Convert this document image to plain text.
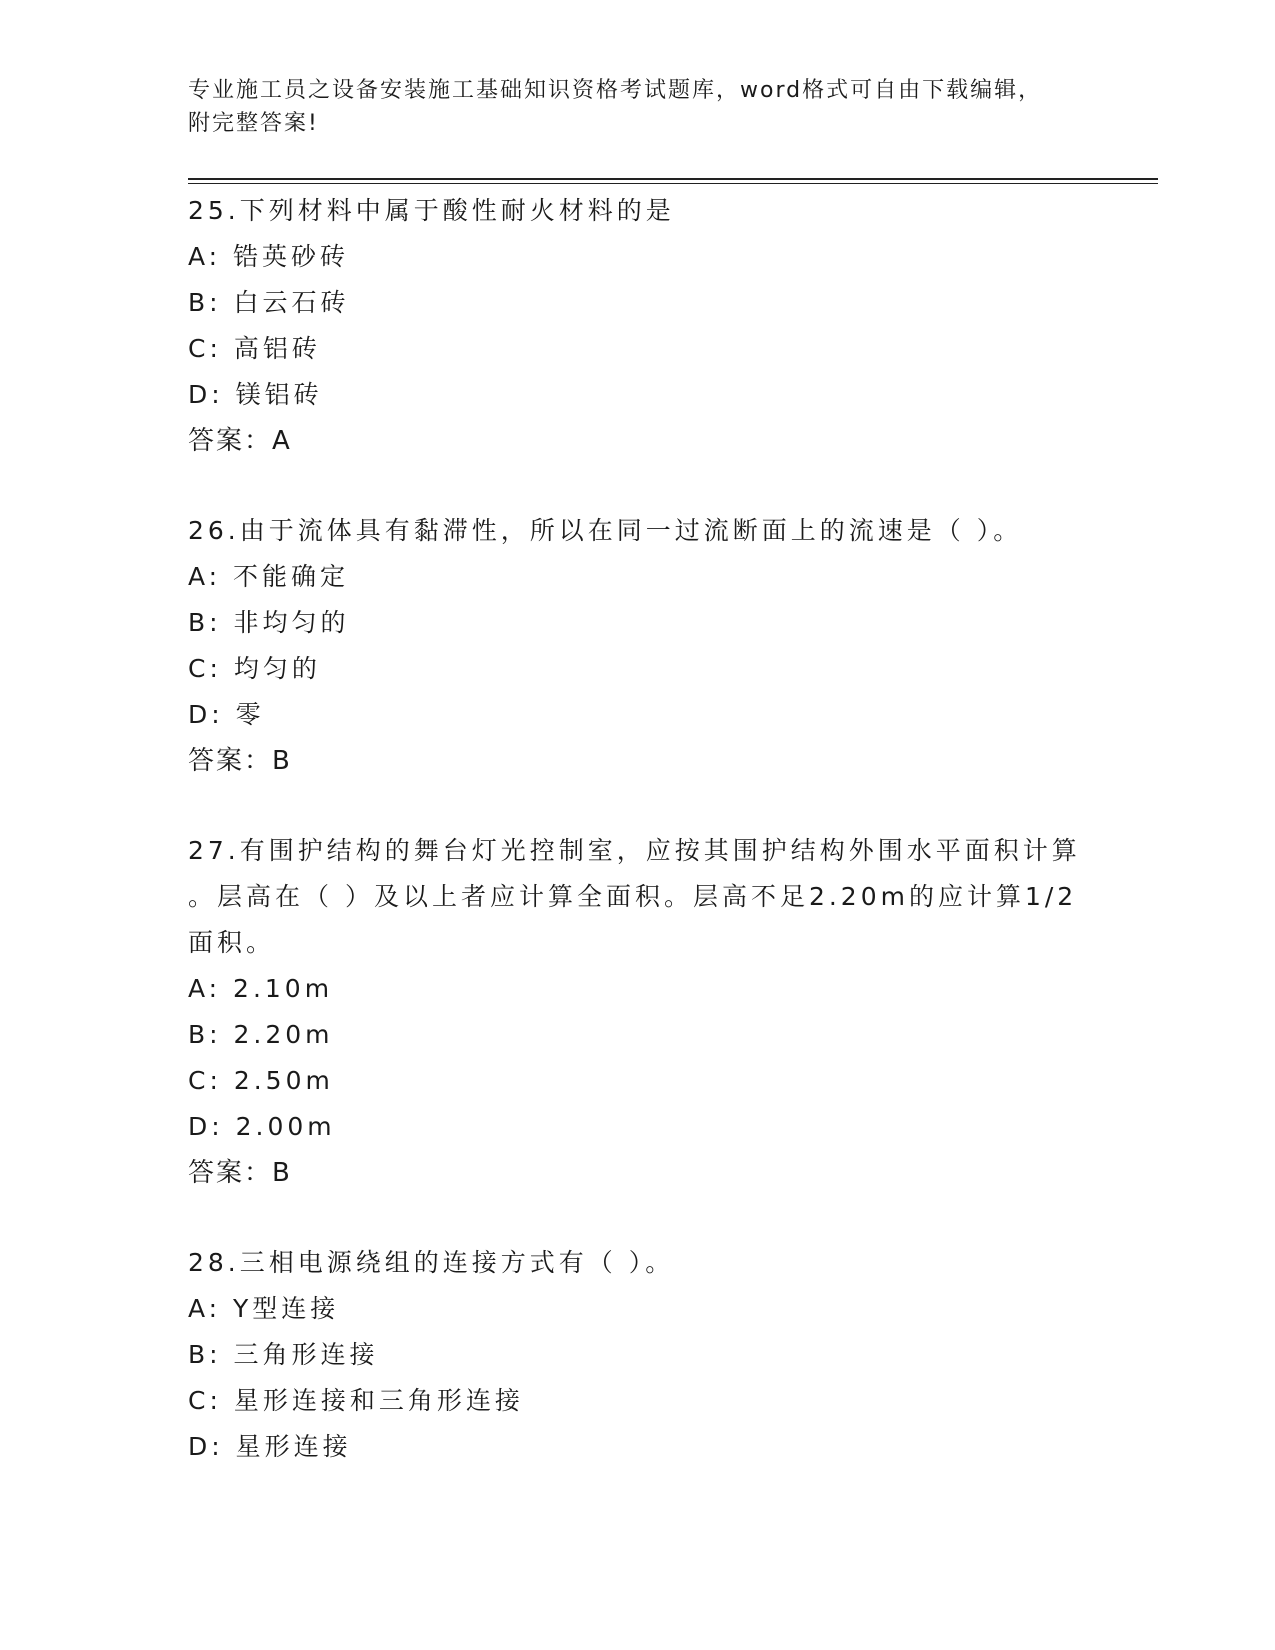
专业施工员之设备安装施工基础知识资格考试题库，word格式可自由下载编辑，
附完整答案!

25.下列材料中属于酸性耐火材料的是

A: 锆英砂砖

B: 白云石砖

C: 高铝砖

D: 镁铝砖

答案：A

26.由于流体具有黏滞性，所以在同一过流断面上的流速是（ ）。

A: 不能确定

B: 非均匀的

C: 均匀的

D: 零

答案：B

27.有围护结构的舞台灯光控制室，应按其围护结构外围水平面积计算

。层高在（ ）及以上者应计算全面积。层高不足2.20m的应计算1/2

面积。

A: 2.10m

B: 2.20m

C: 2.50m

D: 2.00m

答案：B

28.三相电源绕组的连接方式有（ ）。

A: Y型连接

B: 三角形连接

C: 星形连接和三角形连接

D: 星形连接
